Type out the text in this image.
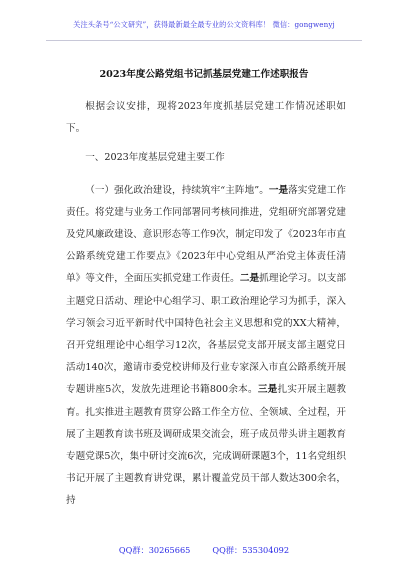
关注头条号“公文研究”，获得最新最全最专业的公文资料库！ 微信：gongwenyj
2023年度公路党组书记抓基层党建工作述职报告

根据会议安排，现将2023年度抓基层党建工作情况述职如下。

一、2023年度基层党建主要工作

（一）强化政治建设，持续筑牢“主阵地”。一是落实党建工作责任。将党建与业务工作同部署同考核同推进，党组研究部署党建及党风廉政建设、意识形态等工作9次，制定印发了《2023年市直公路系统党建工作要点》《2023年中心党组从严治党主体责任清单》等文件，全面压实抓党建工作责任。二是抓理论学习。以支部主题党日活动、理论中心组学习、职工政治理论学习为抓手，深入学习领会习近平新时代中国特色社会主义思想和党的XX大精神，召开党组理论中心组学习12次，各基层党支部开展支部主题党日活动140次，邀请市委党校讲师及行业专家深入市直公路系统开展专题讲座5次，发放先进理论书籍800余本。三是扎实开展主题教育。扎实推进主题教育贯穿公路工作全方位、全领域、全过程，开展了主题教育读书班及调研成果交流会，班子成员带头讲主题教育专题党课5次，集中研讨交流6次，完成调研课题3个，11名党组织书记开展了主题教育讲党课，累计覆盖党员干部人数达300余名，持

QQ群：30265665	QQ群：535304092
